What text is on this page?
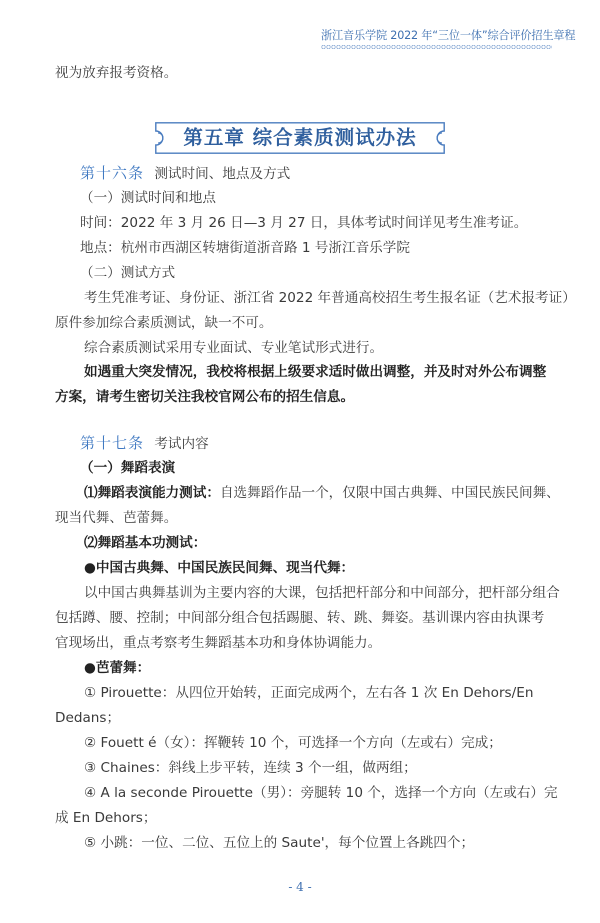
浙江音乐学院 2022 年“三位一体”综合评价招生章程
视为放弃报考资格。
第五章 综合素质测试办法
第十六条 测试时间、地点及方式
（一）测试时间和地点
时间：2022 年 3 月 26 日—3 月 27 日，具体考试时间详见考生准考证。
地点：杭州市西湖区转塘街道浙音路 1 号浙江音乐学院
（二）测试方式
考生凭准考证、身份证、浙江省 2022 年普通高校招生考生报名证（艺术报考证）
原件参加综合素质测试，缺一不可。
综合素质测试采用专业面试、专业笔试形式进行。
如遇重大突发情况，我校将根据上级要求适时做出调整，并及时对外公布调整
方案，请考生密切关注我校官网公布的招生信息。
第十七条 考试内容
（一）舞蹈表演
⑴舞蹈表演能力测试：自选舞蹈作品一个，仅限中国古典舞、中国民族民间舞、
现当代舞、芭蕾舞。
⑵舞蹈基本功测试：
●中国古典舞、中国民族民间舞、现当代舞：
以中国古典舞基训为主要内容的大课，包括把杆部分和中间部分，把杆部分组合
包括蹲、腰、控制；中间部分组合包括踢腿、转、跳、舞姿。基训课内容由执课考
官现场出，重点考察考生舞蹈基本功和身体协调能力。
●芭蕾舞：
① Pirouette：从四位开始转，正面完成两个，左右各 1 次 En Dehors/En
Dedans；
② Fouett é（女）：挥鞭转 10 个，可选择一个方向（左或右）完成；
③ Chaines：斜线上步平转，连续 3 个一组，做两组；
④ A la seconde Pirouette（男）：旁腿转 10 个，选择一个方向（左或右）完
成 En Dehors；
⑤ 小跳：一位、二位、五位上的 Saute'，每个位置上各跳四个；
- 4 -
